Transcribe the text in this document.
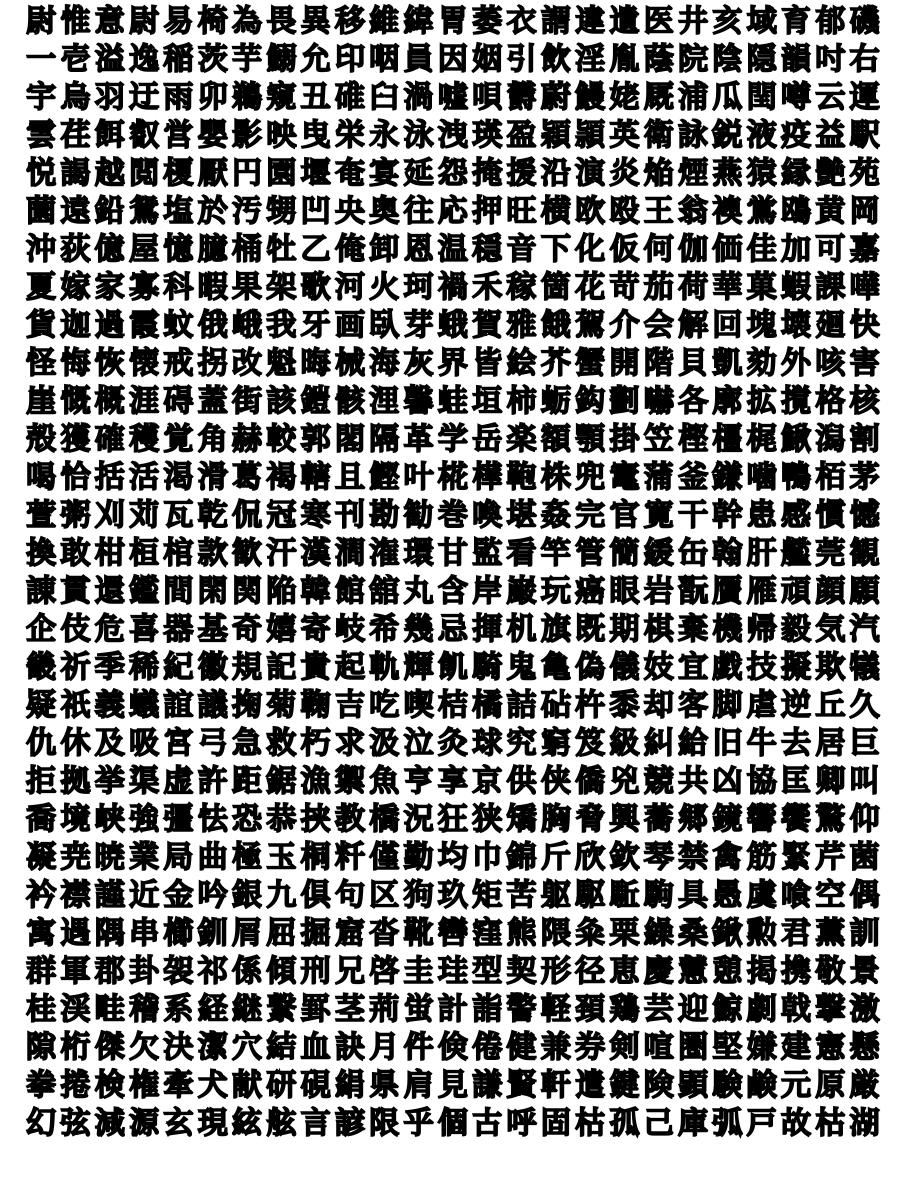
尉 惟 意 尉 易 椅 為 畏 異 移 維 緯 胃 萎 衣 謂 違 遺 医 井 亥 域 育 郁 磯
一 壱 溢 逸 稲 茨 芋 鰯 允 印 咽 員 因 姻 引 飲 淫 胤 蔭 院 陰 隠 韻 吋 右
宇 烏 羽 迂 雨 卯 鵜 窺 丑 碓 臼 渦 嘘 唄 欝 蔚 鰻 姥 厩 浦 瓜 閏 噂 云 運
雲 荏 餌 叡 営 嬰 影 映 曳 栄 永 泳 洩 瑛 盈 穎 頴 英 衛 詠 鋭 液 疫 益 駅
悦 謁 越 閲 榎 厭 円 園 堰 奄 宴 延 怨 掩 援 沿 演 炎 焔 煙 燕 猿 縁 艶 苑
薗 遠 鉛 鴛 塩 於 汚 甥 凹 央 奥 往 応 押 旺 横 欧 殴 王 翁 襖 鴬 鴎 黄 岡
沖 荻 億 屋 憶 臆 桶 牡 乙 俺 卸 恩 温 穏 音 下 化 仮 何 伽 価 佳 加 可 嘉
夏 嫁 家 寡 科 暇 果 架 歌 河 火 珂 禍 禾 稼 箇 花 苛 茄 荷 華 菓 蝦 課 嘩
貨 迦 過 霞 蚊 俄 峨 我 牙 画 臥 芽 蛾 賀 雅 餓 駕 介 会 解 回 塊 壊 廻 快
怪 悔 恢 懐 戒 拐 改 魁 晦 械 海 灰 界 皆 絵 芥 蟹 開 階 貝 凱 劾 外 咳 害
崖 慨 概 涯 碍 蓋 街 該 鎧 骸 浬 馨 蛙 垣 柿 蛎 鈎 劃 嚇 各 廓 拡 撹 格 核
殻 獲 確 穫 覚 角 赫 較 郭 閣 隔 革 学 岳 楽 額 顎 掛 笠 樫 橿 梶 鰍 潟 割
喝 恰 括 活 渇 滑 葛 褐 轄 且 鰹 叶 椛 樺 鞄 株 兜 竃 蒲 釜 鎌 噛 鴨 栢 茅
萱 粥 刈 苅 瓦 乾 侃 冠 寒 刊 勘 勧 巻 喚 堪 姦 完 官 寛 干 幹 患 感 慣 憾
換 敢 柑 桓 棺 款 歓 汗 漢 澗 潅 環 甘 監 看 竿 管 簡 緩 缶 翰 肝 艦 莞 観
諌 貫 還 鑑 間 閑 関 陥 韓 館 舘 丸 含 岸 巌 玩 癌 眼 岩 翫 贋 雁 頑 顔 願
企 伎 危 喜 器 基 奇 嬉 寄 岐 希 幾 忌 揮 机 旗 既 期 棋 棄 機 帰 毅 気 汽
畿 祈 季 稀 紀 徽 規 記 貴 起 軌 輝 飢 騎 鬼 亀 偽 儀 妓 宜 戯 技 擬 欺 犠
疑 祇 義 蟻 誼 議 掬 菊 鞠 吉 吃 喫 桔 橘 詰 砧 杵 黍 却 客 脚 虐 逆 丘 久
仇 休 及 吸 宮 弓 急 救 朽 求 汲 泣 灸 球 究 窮 笈 級 糾 給 旧 牛 去 居 巨
拒 拠 挙 渠 虚 許 距 鋸 漁 禦 魚 亨 享 京 供 侠 僑 兇 競 共 凶 協 匡 卿 叫
喬 境 峡 強 彊 怯 恐 恭 挟 教 橋 況 狂 狭 矯 胸 脅 興 蕎 郷 鏡 響 饗 驚 仰
凝 尭 暁 業 局 曲 極 玉 桐 粁 僅 勤 均 巾 錦 斤 欣 欽 琴 禁 禽 筋 緊 芹 菌
衿 襟 謹 近 金 吟 銀 九 倶 句 区 狗 玖 矩 苦 躯 駆 駈 駒 具 愚 虞 喰 空 偶
寓 遇 隅 串 櫛 釧 屑 屈 掘 窟 沓 靴 轡 窪 熊 隈 粂 栗 繰 桑 鍬 勲 君 薫 訓
群 軍 郡 卦 袈 祁 係 傾 刑 兄 啓 圭 珪 型 契 形 径 恵 慶 慧 憩 掲 携 敬 景
桂 渓 畦 稽 系 経 継 繋 罫 茎 荊 蛍 計 詣 警 軽 頚 鶏 芸 迎 鯨 劇 戟 撃 激
隙 桁 傑 欠 決 潔 穴 結 血 訣 月 件 倹 倦 健 兼 券 剣 喧 圏 堅 嫌 建 憲 懸
拳 捲 検 権 牽 犬 献 研 硯 絹 県 肩 見 謙 賢 軒 遣 鍵 険 顕 験 鹸 元 原 厳
幻 弦 減 源 玄 現 絃 舷 言 諺 限 乎 個 古 呼 固 枯 孤 己 庫 弧 戸 故 枯 湖
